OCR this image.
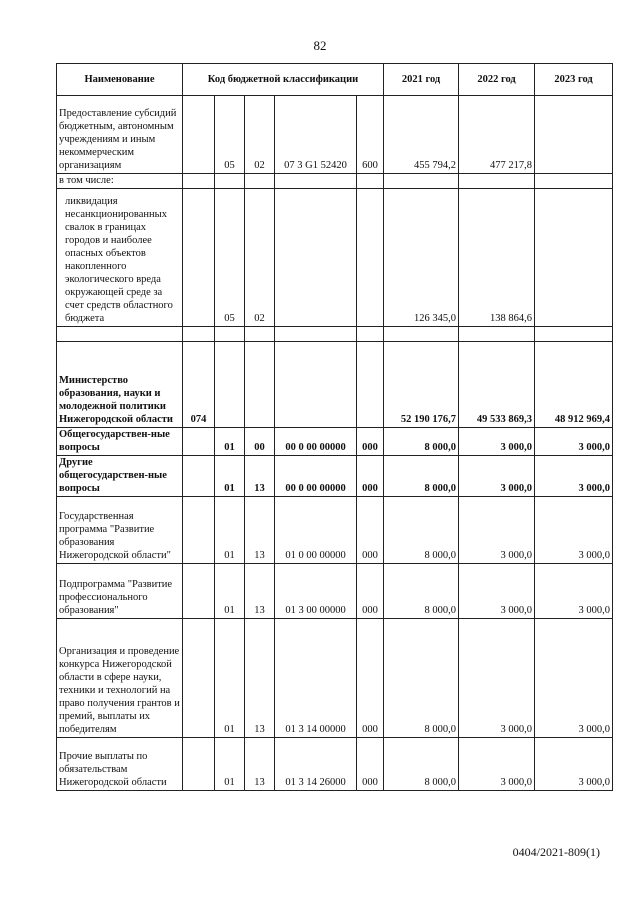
82
Наименование	Код бюджетной классификации					2021 год	2022 год	2023 год
Предоставление субсидий бюджетным, автономным учреждениям и иным некоммерческим организациям		05	02	07 3 G1 52420	600	455 794,2	477 217,8	
в том числе:								
ликвидация несанкционированных свалок в границах городов и наиболее опасных объектов накопленного экологического вреда окружающей среде за счет средств областного бюджета		05	02			126 345,0	138 864,6	

Министерство образования, науки и молодежной политики Нижегородской области	074					52 190 176,7	49 533 869,3	48 912 969,4
Общегосударствен-ные вопросы		01	00	00 0 00 00000	000	8 000,0	3 000,0	3 000,0
Другие общегосударствен-ные вопросы		01	13	00 0 00 00000	000	8 000,0	3 000,0	3 000,0
Государственная программа "Развитие образования Нижегородской области"		01	13	01 0 00 00000	000	8 000,0	3 000,0	3 000,0
Подпрограмма "Развитие профессионального образования"		01	13	01 3 00 00000	000	8 000,0	3 000,0	3 000,0
Организация и проведение конкурса Нижегородской области в сфере науки, техники и технологий на право получения грантов и премий, выплаты их победителям		01	13	01 3 14 00000	000	8 000,0	3 000,0	3 000,0
Прочие выплаты по обязательствам Нижегородской области		01	13	01 3 14 26000	000	8 000,0	3 000,0	3 000,0
0404/2021-809(1)
